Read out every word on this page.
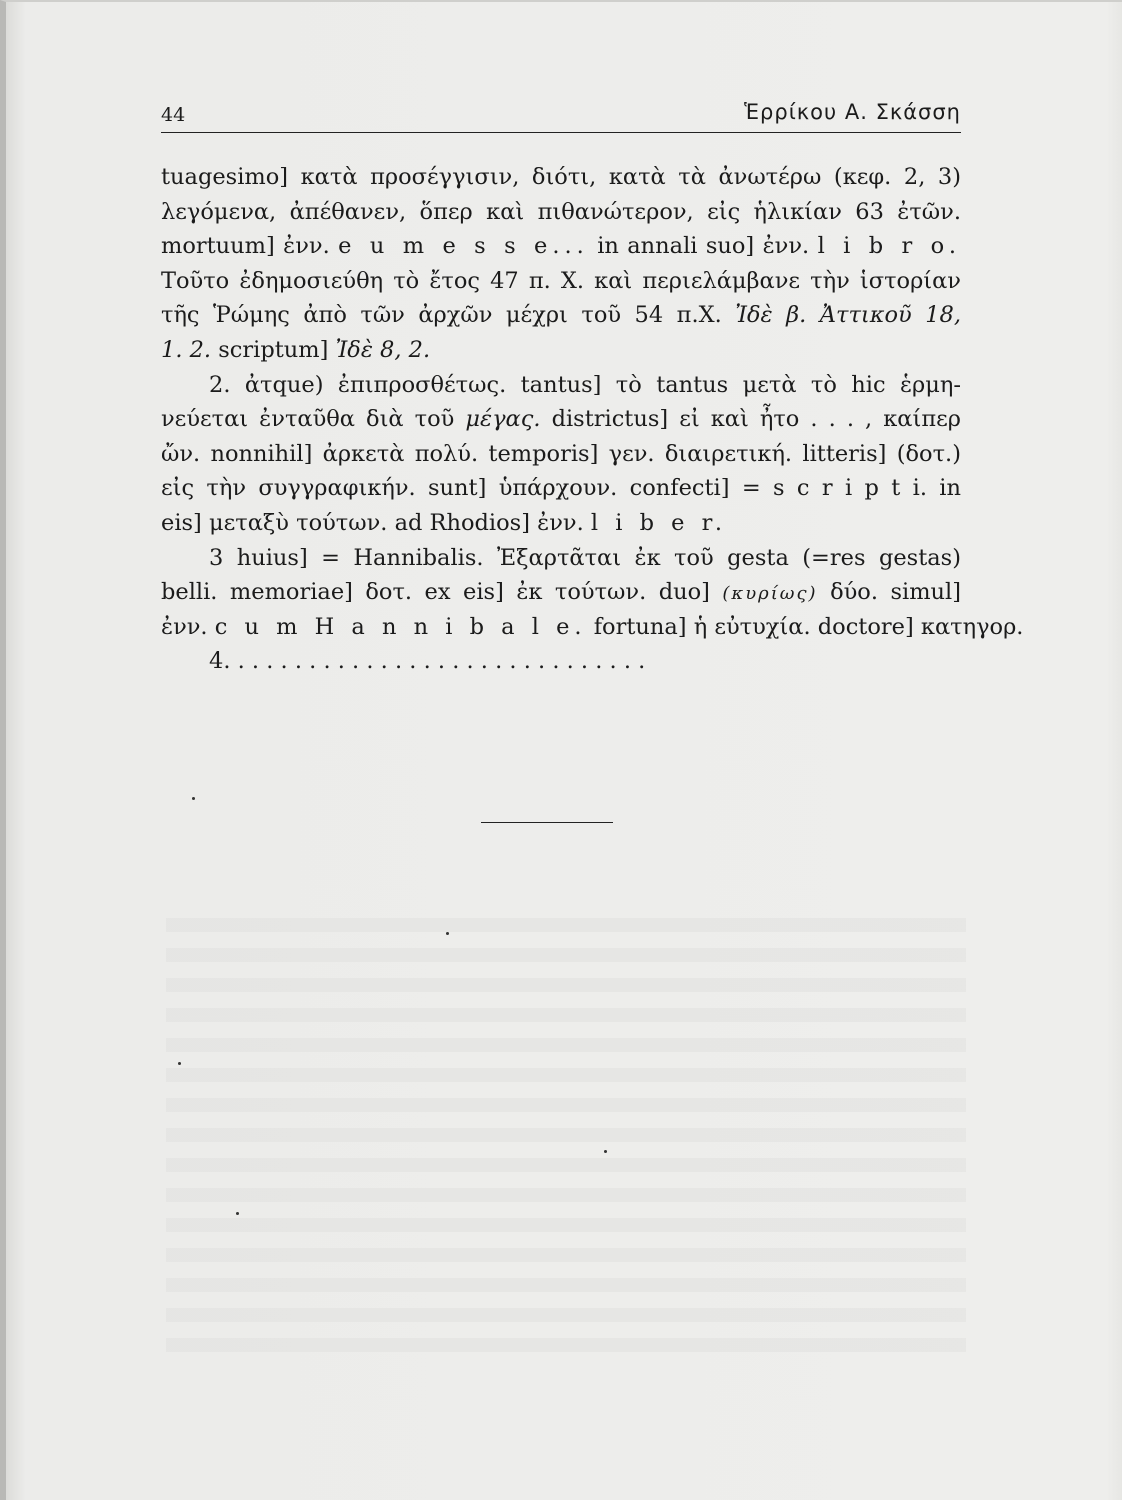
44	Ἑρρίκου Α. Σκάσση
tuagesimo] κατὰ προσέγγισιν, διότι, κατὰ τὰ ἀνωτέρω (κεφ. 2, 3)
λεγόμενα, ἀπέθανεν, ὅπερ καὶ πιθανώτερον, εἰς ἡλικίαν 63 ἐτῶν.
mortuum] ἐνν. e u m e s s e... in annali suo] ἐνν. l i b r o.
Τοῦτο ἐδημοσιεύθη τὸ ἔτος 47 π. Χ. καὶ περιελάμβανε τὴν ἱστορίαν
τῆς Ῥώμης ἀπὸ τῶν ἀρχῶν μέχρι τοῦ 54 π.Χ. Ἰδὲ β. Ἀττικοῦ 18,
1. 2. scriptum] Ἰδὲ 8, 2.
2. ἀτque) ἐπιπροσθέτως. tantus] τὸ tantus μετὰ τὸ hic ἑρμη-
νεύεται ἐνταῦθα διὰ τοῦ μέγας. districtus] εἰ καὶ ἦτο . . . , καίπερ
ὤν. nonnihil] ἀρκετὰ πολύ. temporis] γεν. διαιρετική. litteris] (δοτ.)
εἰς τὴν συγγραφικήν. sunt] ὑπάρχουν. confecti] = s c r i p t i. in
eis] μεταξὺ τούτων. ad Rhodios] ἐνν. l i b e r.
3 huius] = Hannibalis. Ἐξαρτᾶται ἐκ τοῦ gesta (=res gestas)
belli. memoriae] δοτ. ex eis] ἐκ τούτων. duo] (κυρίως) δύο. simul]
ἐνν. c u m H a n n i b a l e. fortuna] ἡ εὐτυχία. doctore] κατηγορ.
4. . . . . . . . . . . . . . . . . . . . . . . . . . . . . .
